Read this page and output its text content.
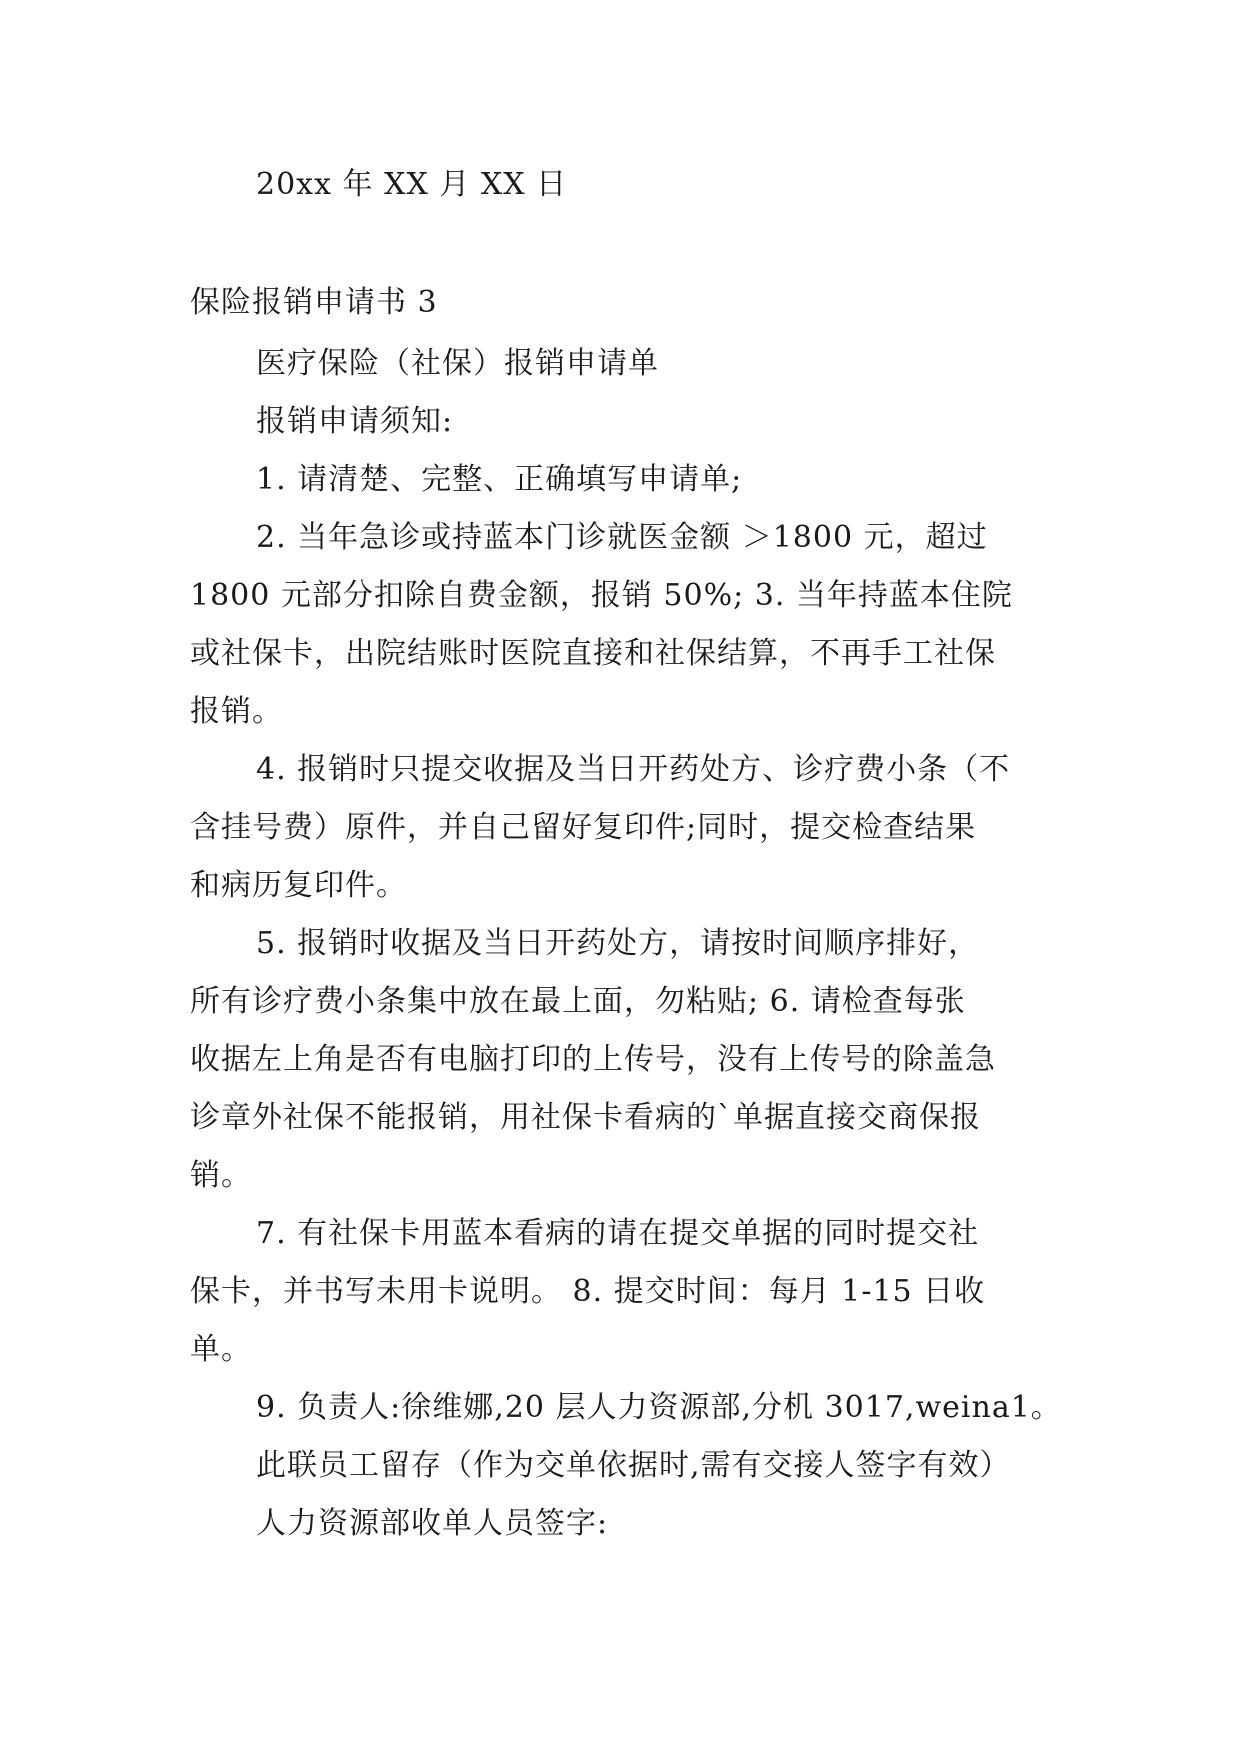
20xx 年 XX 月 XX 日
保险报销申请书 3
医疗保险（社保）报销申请单
报销申请须知:
1. 请清楚、完整、正确填写申请单;
2. 当年急诊或持蓝本门诊就医金额 ＞1800 元，超过
1800 元部分扣除自费金额，报销 50%; 3. 当年持蓝本住院
或社保卡，出院结账时医院直接和社保结算，不再手工社保
报销。
4. 报销时只提交收据及当日开药处方、诊疗费小条（不
含挂号费）原件，并自己留好复印件;同时，提交检查结果
和病历复印件。
5. 报销时收据及当日开药处方，请按时间顺序排好，
所有诊疗费小条集中放在最上面，勿粘贴; 6. 请检查每张
收据左上角是否有电脑打印的上传号，没有上传号的除盖急
诊章外社保不能报销，用社保卡看病的`单据直接交商保报
销。
7. 有社保卡用蓝本看病的请在提交单据的同时提交社
保卡，并书写未用卡说明。 8. 提交时间：每月 1-15 日收
单。
9. 负责人:徐维娜,20 层人力资源部,分机 3017,weina1。
此联员工留存（作为交单依据时,需有交接人签字有效）
人力资源部收单人员签字:
